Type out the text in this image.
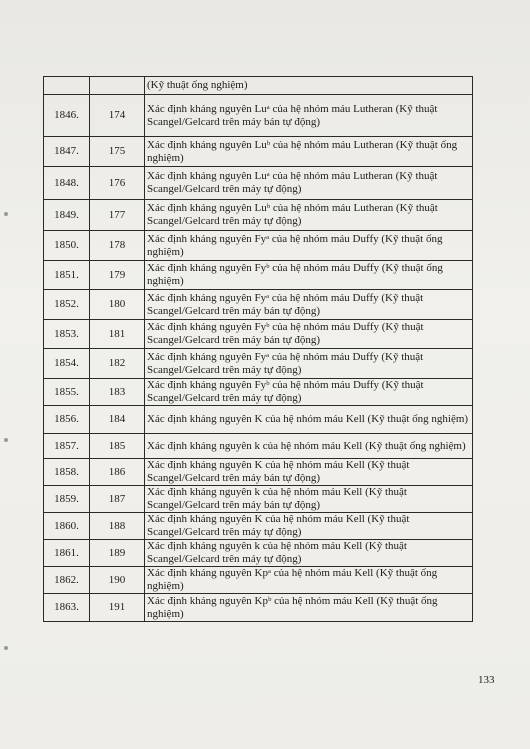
		(Kỹ thuật ống nghiệm)
1846.	174	Xác định kháng nguyên Luᵃ của hệ nhóm máu Lutheran (Kỹ thuật Scangel/Gelcard trên máy bán tự động)
1847.	175	Xác định kháng nguyên Luᵇ của hệ nhóm máu Lutheran (Kỹ thuật ống nghiệm)
1848.	176	Xác định kháng nguyên Luᵃ của hệ nhóm máu Lutheran (Kỹ thuật Scangel/Gelcard trên máy tự động)
1849.	177	Xác định kháng nguyên Luᵇ của hệ nhóm máu Lutheran (Kỹ thuật Scangel/Gelcard trên máy tự động)
1850.	178	Xác định kháng nguyên Fyᵃ của hệ nhóm máu Duffy (Kỹ thuật ống nghiệm)
1851.	179	Xác định kháng nguyên Fyᵇ của hệ nhóm máu Duffy (Kỹ thuật ống nghiệm)
1852.	180	Xác định kháng nguyên Fyᵃ của hệ nhóm máu Duffy (Kỹ thuật Scangel/Gelcard trên máy bán tự động)
1853.	181	Xác định kháng nguyên Fyᵇ của hệ nhóm máu Duffy (Kỹ thuật Scangel/Gelcard trên máy bán tự động)
1854.	182	Xác định kháng nguyên Fyᵃ của hệ nhóm máu Duffy (Kỹ thuật Scangel/Gelcard trên máy tự động)
1855.	183	Xác định kháng nguyên Fyᵇ của hệ nhóm máu Duffy (Kỹ thuật Scangel/Gelcard trên máy tự động)
1856.	184	Xác định kháng nguyên K của hệ nhóm máu Kell (Kỹ thuật ống nghiệm)
1857.	185	Xác định kháng nguyên k của hệ nhóm máu Kell (Kỹ thuật ống nghiệm)
1858.	186	Xác định kháng nguyên K của hệ nhóm máu Kell (Kỹ thuật Scangel/Gelcard trên máy bán tự động)
1859.	187	Xác định kháng nguyên k của hệ nhóm máu Kell (Kỹ thuật Scangel/Gelcard trên máy bán tự động)
1860.	188	Xác định kháng nguyên K của hệ nhóm máu Kell (Kỹ thuật Scangel/Gelcard trên máy tự động)
1861.	189	Xác định kháng nguyên k của hệ nhóm máu Kell (Kỹ thuật Scangel/Gelcard trên máy tự động)
1862.	190	Xác định kháng nguyên Kpᵃ của hệ nhóm máu Kell (Kỹ thuật ống nghiệm)
1863.	191	Xác định kháng nguyên Kpᵇ của hệ nhóm máu Kell (Kỹ thuật ống nghiệm)
133
